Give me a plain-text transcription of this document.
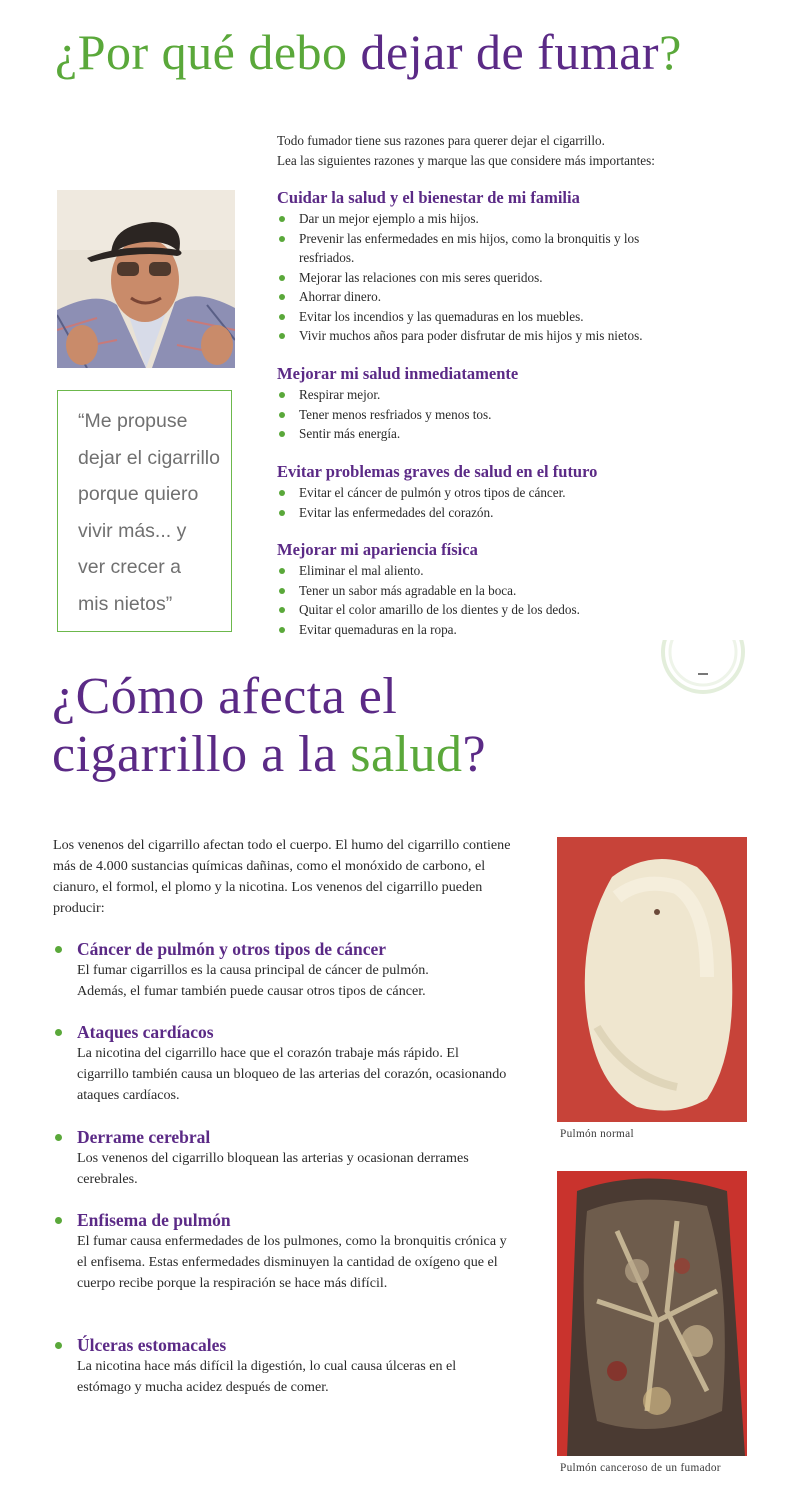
¿Por qué debo dejar de fumar?

“Me propuse
dejar el cigarrillo
porque quiero
vivir más... y
ver crecer a
mis nietos”

Todo fumador tiene sus razones para querer dejar el cigarrillo.
Lea las siguientes razones y marque las que considere más importantes:
Cuidar la salud y el bienestar de mi familia
Dar un mejor ejemplo a mis hijos.
Prevenir las enfermedades en mis hijos, como la bronquitis y los resfriados.
Mejorar las relaciones con mis seres queridos.
Ahorrar dinero.
Evitar los incendios y las quemaduras en los muebles.
Vivir muchos años para poder disfrutar de mis hijos y mis nietos.
Mejorar mi salud inmediatamente
Respirar mejor.
Tener menos resfriados y menos tos.
Sentir más energía.
Evitar problemas graves de salud en el futuro
Evitar el cáncer de pulmón y otros tipos de cáncer.
Evitar las enfermedades del corazón.
Mejorar mi apariencia física
Eliminar el mal aliento.
Tener un sabor más agradable en la boca.
Quitar el color amarillo de los dientes y de los dedos.
Evitar quemaduras en la ropa.
¿Cómo afecta el
cigarrillo a la salud?
Los venenos del cigarrillo afectan todo el cuerpo. El humo del cigarrillo contiene más de 4.000 sustancias químicas dañinas, como el monóxido de carbono, el cianuro, el formol, el plomo y la nicotina. Los venenos del cigarrillo pueden producir:
Cáncer de pulmón y otros tipos de cáncer

El fumar cigarrillos es la causa principal de cáncer de pulmón. Además, el fumar también puede causar otros tipos de cáncer.

Ataques cardíacos

La nicotina del cigarrillo hace que el corazón trabaje más rápido. El cigarrillo también causa un bloqueo de las arterias del corazón, ocasionando ataques cardíacos.

Derrame cerebral

Los venenos del cigarrillo bloquean las arterias y ocasionan derrames cerebrales.

Enfisema de pulmón

El fumar causa enfermedades de los pulmones, como la bronquitis crónica y el enfisema. Estas enfermedades disminuyen la cantidad de oxígeno que el cuerpo recibe porque la respiración se hace más difícil.

Úlceras estomacales

La nicotina hace más difícil la digestión, lo cual causa úlceras en el estómago y mucha acidez después de comer.

Pulmón normal
Pulmón canceroso de un fumador
